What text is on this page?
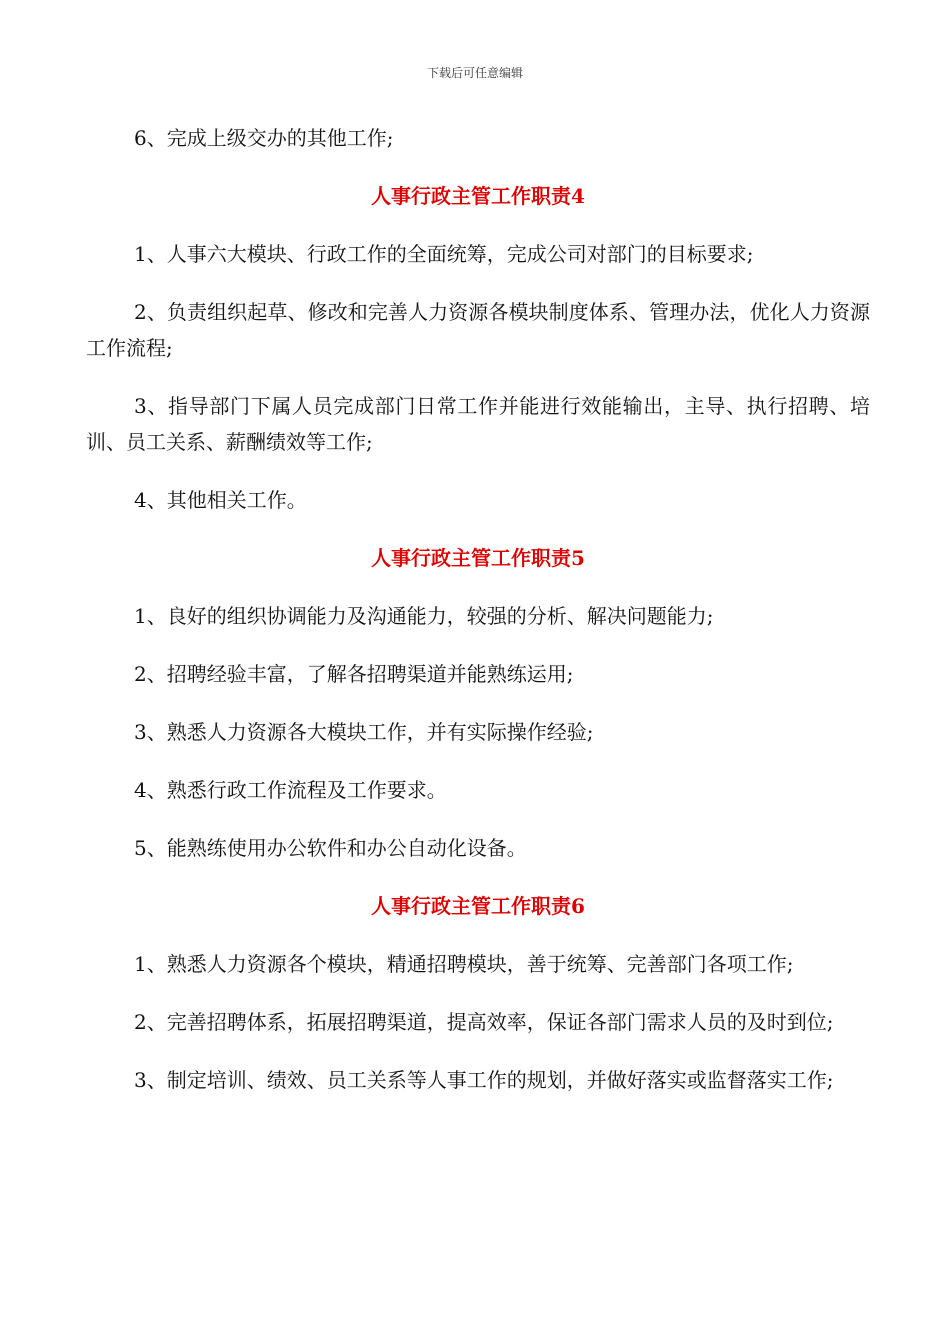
下载后可任意编辑
6、完成上级交办的其他工作;
人事行政主管工作职责4
1、人事六大模块、行政工作的全面统筹，完成公司对部门的目标要求;
2、负责组织起草、修改和完善人力资源各模块制度体系、管理办法，优化人力资源工作流程;
3、指导部门下属人员完成部门日常工作并能进行效能输出，主导、执行招聘、培训、员工关系、薪酬绩效等工作;
4、其他相关工作。
人事行政主管工作职责5
1、良好的组织协调能力及沟通能力，较强的分析、解决问题能力;
2、招聘经验丰富，了解各招聘渠道并能熟练运用;
3、熟悉人力资源各大模块工作，并有实际操作经验;
4、熟悉行政工作流程及工作要求。
5、能熟练使用办公软件和办公自动化设备。
人事行政主管工作职责6
1、熟悉人力资源各个模块，精通招聘模块，善于统筹、完善部门各项工作;
2、完善招聘体系，拓展招聘渠道，提高效率，保证各部门需求人员的及时到位;
3、制定培训、绩效、员工关系等人事工作的规划，并做好落实或监督落实工作;
